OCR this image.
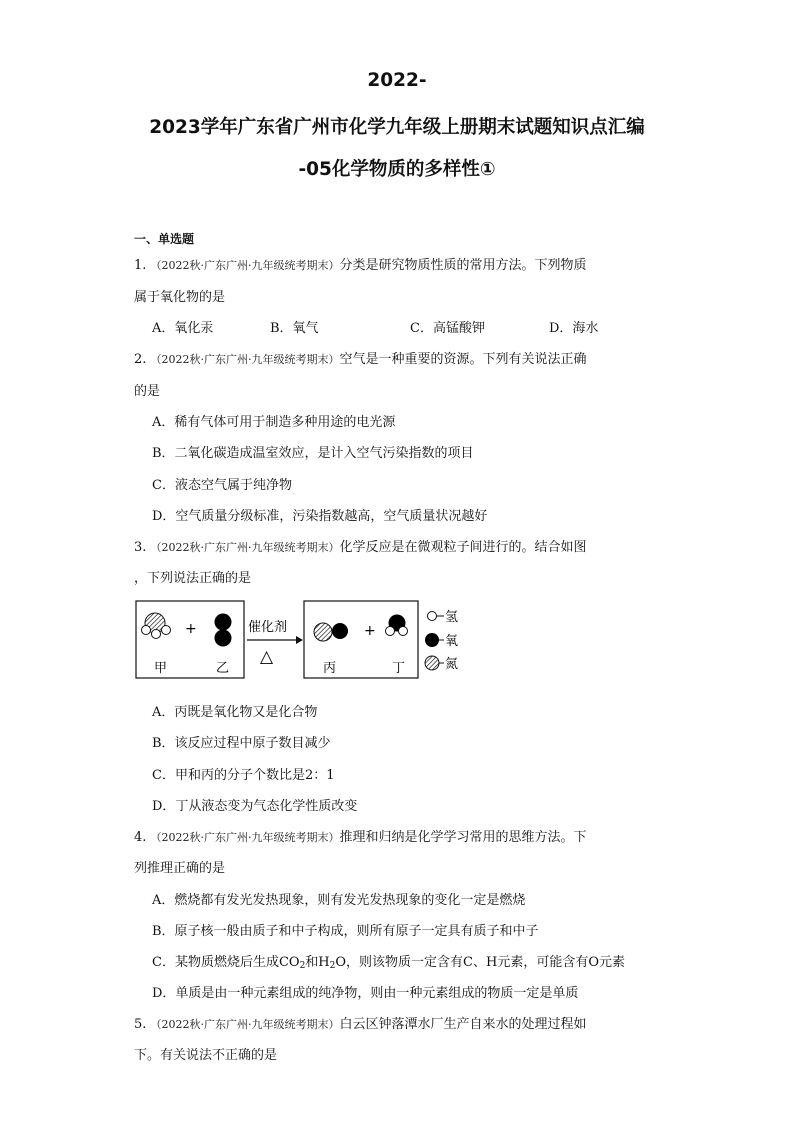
2022-
2023学年广东省广州市化学九年级上册期末试题知识点汇编
-05化学物质的多样性①
一、单选题
1. （2022秋·广东广州·九年级统考期末）分类是研究物质性质的常用方法。下列物质
属于氧化物的是
A．氧化汞	B．氧气	C．高锰酸钾	D．海水
2. （2022秋·广东广州·九年级统考期末）空气是一种重要的资源。下列有关说法正确
的是
A．稀有气体可用于制造多种用途的电光源
B．二氧化碳造成温室效应，是计入空气污染指数的项目
C．液态空气属于纯净物
D．空气质量分级标准，污染指数越高，空气质量状况越好
3. （2022秋·广东广州·九年级统考期末）化学反应是在微观粒子间进行的。结合如图
，下列说法正确的是
+
甲	乙
催化剂
△
+
丙	丁
氢
氧
氮
A．丙既是氧化物又是化合物
B．该反应过程中原子数目减少
C．甲和丙的分子个数比是2：1
D．丁从液态变为气态化学性质改变
4. （2022秋·广东广州·九年级统考期末）推理和归纳是化学学习常用的思维方法。下
列推理正确的是
A．燃烧都有发光发热现象，则有发光发热现象的变化一定是燃烧
B．原子核一般由质子和中子构成，则所有原子一定具有质子和中子
C．某物质燃烧后生成$CO_2$和$H_2O$，则该物质一定含有C、H元素，可能含有O元素
D．单质是由一种元素组成的纯净物，则由一种元素组成的物质一定是单质
5. （2022秋·广东广州·九年级统考期末）白云区钟落潭水厂生产自来水的处理过程如
下。有关说法不正确的是
